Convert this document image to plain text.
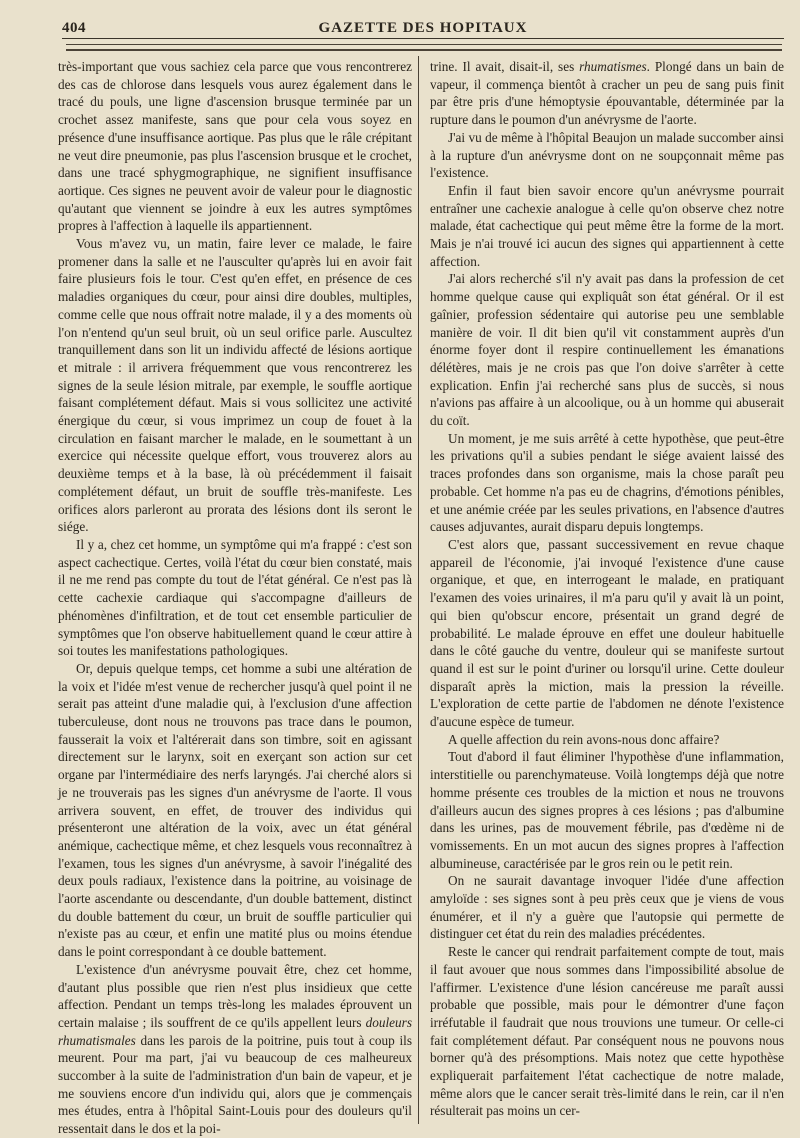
404	GAZETTE DES HOPITAUX

très-important que vous sachiez cela parce que vous rencontrerez des cas de chlorose dans lesquels vous aurez également dans le tracé du pouls, une ligne d'ascension brusque terminée par un crochet assez manifeste, sans que pour cela vous soyez en présence d'une insuffisance aortique. Pas plus que le râle crépitant ne veut dire pneumonie, pas plus l'ascension brusque et le crochet, dans une tracé sphygmographique, ne signifient insuffisance aortique. Ces signes ne peuvent avoir de valeur pour le diagnostic qu'autant que viennent se joindre à eux les autres symptômes propres à l'affection à laquelle ils appartiennent.

Vous m'avez vu, un matin, faire lever ce malade, le faire promener dans la salle et ne l'ausculter qu'après lui en avoir fait faire plusieurs fois le tour. C'est qu'en effet, en présence de ces maladies organiques du cœur, pour ainsi dire doubles, multiples, comme celle que nous offrait notre malade, il y a des moments où l'on n'entend qu'un seul bruit, où un seul orifice parle. Auscultez tranquillement dans son lit un individu affecté de lésions aortique et mitrale : il arrivera fréquemment que vous rencontrerez les signes de la seule lésion mitrale, par exemple, le souffle aortique faisant complétement défaut. Mais si vous sollicitez une activité énergique du cœur, si vous imprimez un coup de fouet à la circulation en faisant marcher le malade, en le soumettant à un exercice qui nécessite quelque effort, vous trouverez alors au deuxième temps et à la base, là où précédemment il faisait complétement défaut, un bruit de souffle très-manifeste. Les orifices alors parleront au prorata des lésions dont ils seront le siége.

Il y a, chez cet homme, un symptôme qui m'a frappé : c'est son aspect cachectique. Certes, voilà l'état du cœur bien constaté, mais il ne me rend pas compte du tout de l'état général. Ce n'est pas là cette cachexie cardiaque qui s'accompagne d'ailleurs de phénomènes d'infiltration, et de tout cet ensemble particulier de symptômes que l'on observe habituellement quand le cœur attire à soi toutes les manifestations pathologiques.

Or, depuis quelque temps, cet homme a subi une altération de la voix et l'idée m'est venue de rechercher jusqu'à quel point il ne serait pas atteint d'une maladie qui, à l'exclusion d'une affection tuberculeuse, dont nous ne trouvons pas trace dans le poumon, fausserait la voix et l'altérerait dans son timbre, soit en agissant directement sur le larynx, soit en exerçant son action sur cet organe par l'intermédiaire des nerfs laryngés. J'ai cherché alors si je ne trouverais pas les signes d'un anévrysme de l'aorte. Il vous arrivera souvent, en effet, de trouver des individus qui présenteront une altération de la voix, avec un état général anémique, cachectique même, et chez lesquels vous reconnaîtrez à l'examen, tous les signes d'un anévrysme, à savoir l'inégalité des deux pouls radiaux, l'existence dans la poitrine, au voisinage de l'aorte ascendante ou descendante, d'un double battement, distinct du double battement du cœur, un bruit de souffle particulier qui n'existe pas au cœur, et enfin une matité plus ou moins étendue dans le point correspondant à ce double battement.

L'existence d'un anévrysme pouvait être, chez cet homme, d'autant plus possible que rien n'est plus insidieux que cette affection. Pendant un temps très-long les malades éprouvent un certain malaise ; ils souffrent de ce qu'ils appellent leurs douleurs rhumatismales dans les parois de la poitrine, puis tout à coup ils meurent. Pour ma part, j'ai vu beaucoup de ces malheureux succomber à la suite de l'administration d'un bain de vapeur, et je me souviens encore d'un individu qui, alors que je commençais mes études, entra à l'hôpital Saint-Louis pour des douleurs qu'il ressentait dans le dos et la poi-

trine. Il avait, disait-il, ses rhumatismes. Plongé dans un bain de vapeur, il commença bientôt à cracher un peu de sang puis finit par être pris d'une hémoptysie épouvantable, déterminée par la rupture dans le poumon d'un anévrysme de l'aorte.

J'ai vu de même à l'hôpital Beaujon un malade succomber ainsi à la rupture d'un anévrysme dont on ne soupçonnait même pas l'existence.

Enfin il faut bien savoir encore qu'un anévrysme pourrait entraîner une cachexie analogue à celle qu'on observe chez notre malade, état cachectique qui peut même être la forme de la mort. Mais je n'ai trouvé ici aucun des signes qui appartiennent à cette affection.

J'ai alors recherché s'il n'y avait pas dans la profession de cet homme quelque cause qui expliquât son état général. Or il est gaînier, profession sédentaire qui autorise peu une semblable manière de voir. Il dit bien qu'il vit constamment auprès d'un énorme foyer dont il respire continuellement les émanations délétères, mais je ne crois pas que l'on doive s'arrêter à cette explication. Enfin j'ai recherché sans plus de succès, si nous n'avions pas affaire à un alcoolique, ou à un homme qui abuserait du coït.

Un moment, je me suis arrêté à cette hypothèse, que peut-être les privations qu'il a subies pendant le siége avaient laissé des traces profondes dans son organisme, mais la chose paraît peu probable. Cet homme n'a pas eu de chagrins, d'émotions pénibles, et une anémie créée par les seules privations, en l'absence d'autres causes adjuvantes, aurait disparu depuis longtemps.

C'est alors que, passant successivement en revue chaque appareil de l'économie, j'ai invoqué l'existence d'une cause organique, et que, en interrogeant le malade, en pratiquant l'examen des voies urinaires, il m'a paru qu'il y avait là un point, qui bien qu'obscur encore, présentait un grand degré de probabilité. Le malade éprouve en effet une douleur habituelle dans le côté gauche du ventre, douleur qui se manifeste surtout quand il est sur le point d'uriner ou lorsqu'il urine. Cette douleur disparaît après la miction, mais la pression la réveille. L'exploration de cette partie de l'abdomen ne dénote l'existence d'aucune espèce de tumeur.

A quelle affection du rein avons-nous donc affaire?

Tout d'abord il faut éliminer l'hypothèse d'une inflammation, interstitielle ou parenchymateuse. Voilà longtemps déjà que notre homme présente ces troubles de la miction et nous ne trouvons d'ailleurs aucun des signes propres à ces lésions ; pas d'albumine dans les urines, pas de mouvement fébrile, pas d'œdème ni de vomissements. En un mot aucun des signes propres à l'affection albumineuse, caractérisée par le gros rein ou le petit rein.

On ne saurait davantage invoquer l'idée d'une affection amyloïde : ses signes sont à peu près ceux que je viens de vous énumérer, et il n'y a guère que l'autopsie qui permette de distinguer cet état du rein des maladies précédentes.

Reste le cancer qui rendrait parfaitement compte de tout, mais il faut avouer que nous sommes dans l'impossibilité absolue de l'affirmer. L'existence d'une lésion cancéreuse me paraît aussi probable que possible, mais pour le démontrer d'une façon irréfutable il faudrait que nous trouvions une tumeur. Or celle-ci fait complétement défaut. Par conséquent nous ne pouvons nous borner qu'à des présomptions. Mais notez que cette hypothèse expliquerait parfaitement l'état cachectique de notre malade, même alors que le cancer serait très-limité dans le rein, car il n'en résulterait pas moins un cer-
